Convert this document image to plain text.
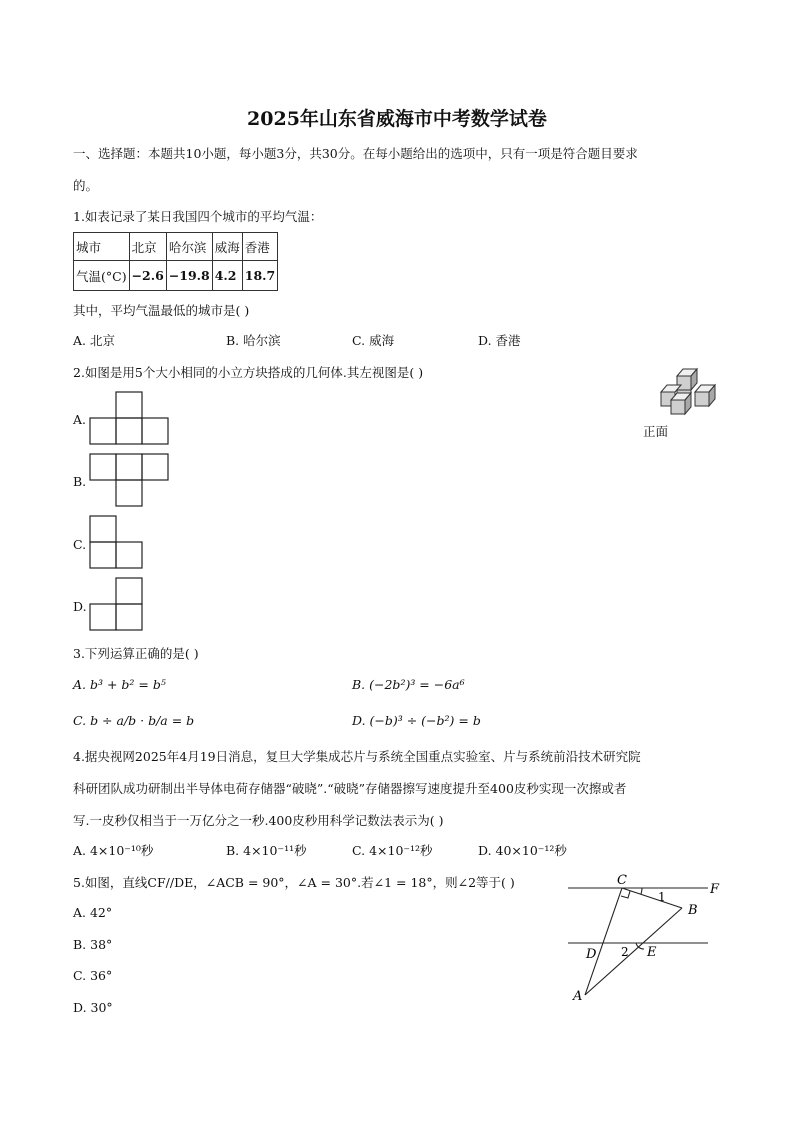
2025年山东省威海市中考数学试卷
一、选择题：本题共10小题，每小题3分，共30分。在每小题给出的选项中，只有一项是符合题目要求
的。
1.如表记录了某日我国四个城市的平均气温：
城市	北京	哈尔滨	威海	香港
气温(°C)	−2.6	−19.8	4.2	18.7
其中，平均气温最低的城市是( )
A. 北京	B. 哈尔滨	C. 威海	D. 香港
2.如图是用5个大小相同的小立方块搭成的几何体.其左视图是( )
正面
A.
B.
C.
D.
3.下列运算正确的是( )
A. b³ + b² = b⁵	B. (−2b²)³ = −6a⁶
C. b ÷ a/b · b/a = b	D. (−b)³ ÷ (−b²) = b
4.据央视网2025年4月19日消息，复旦大学集成芯片与系统全国重点实验室、片与系统前沿技术研究院
科研团队成功研制出半导体电荷存储器“破晓”.“破晓”存储器擦写速度提升至400皮秒实现一次擦或者
写.一皮秒仅相当于一万亿分之一秒.400皮秒用科学记数法表示为( )
A. 4×10⁻¹⁰秒	B. 4×10⁻¹¹秒	C. 4×10⁻¹²秒	D. 40×10⁻¹²秒
5.如图，直线CF//DE，∠ACB = 90°，∠A = 30°.若∠1 = 18°，则∠2等于( )
A. 42°
B. 38°
C. 36°
D. 30°
C
F
B
D	E
A
1
2
